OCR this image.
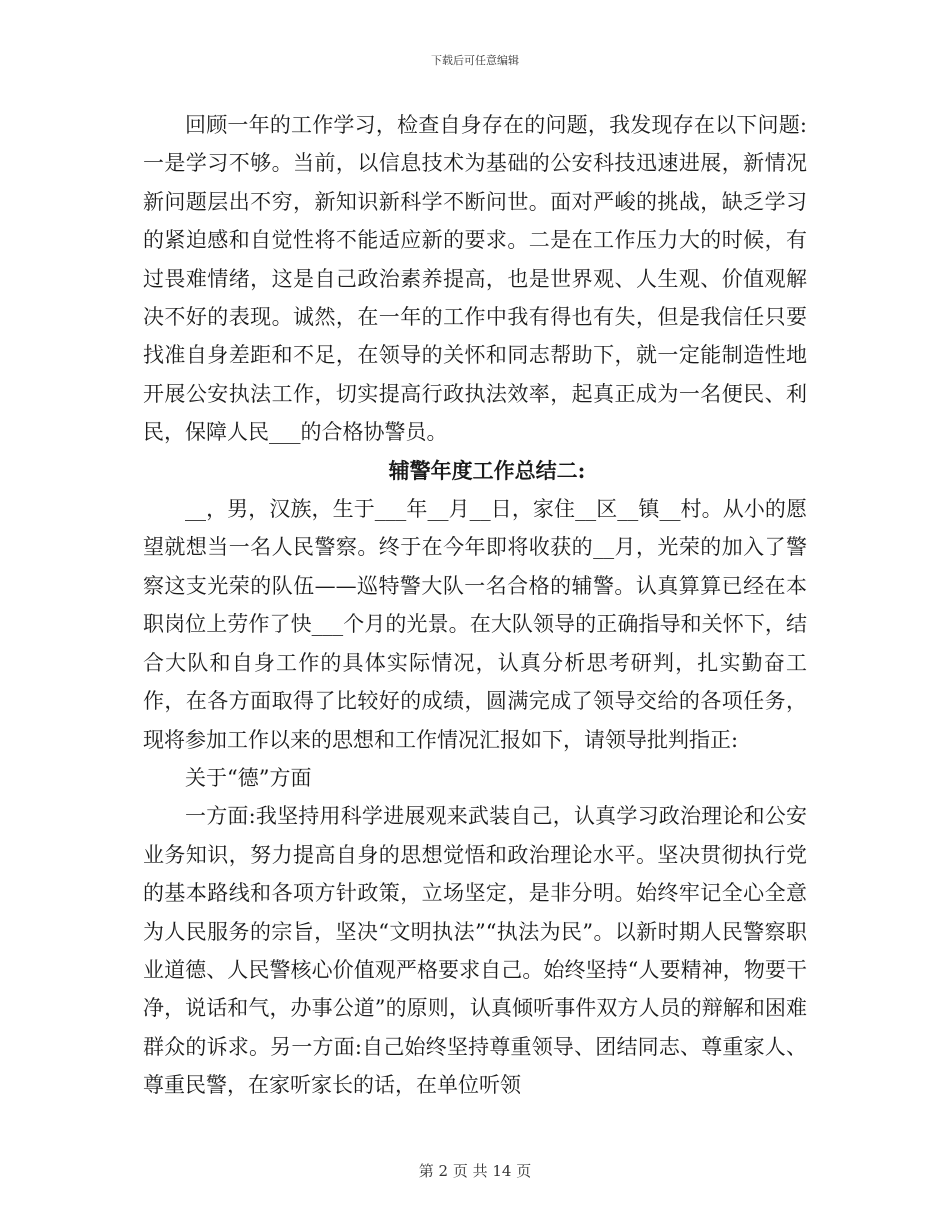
下载后可任意编辑

回顾一年的工作学习，检查自身存在的问题，我发现存在以下问题:一是学习不够。当前，以信息技术为基础的公安科技迅速进展，新情况新问题层出不穷，新知识新科学不断问世。面对严峻的挑战，缺乏学习的紧迫感和自觉性将不能适应新的要求。二是在工作压力大的时候，有过畏难情绪，这是自己政治素养提高，也是世界观、人生观、价值观解决不好的表现。诚然，在一年的工作中我有得也有失，但是我信任只要找准自身差距和不足，在领导的关怀和同志帮助下，就一定能制造性地开展公安执法工作，切实提高行政执法效率，起真正成为一名便民、利民，保障人民___的合格协警员。

辅警年度工作总结二:

__，男，汉族，生于___年__月__日，家住__区__镇__村。从小的愿望就想当一名人民警察。终于在今年即将收获的__月，光荣的加入了警察这支光荣的队伍——巡特警大队一名合格的辅警。认真算算已经在本职岗位上劳作了快___个月的光景。在大队领导的正确指导和关怀下，结合大队和自身工作的具体实际情况，认真分析思考研判，扎实勤奋工作，在各方面取得了比较好的成绩，圆满完成了领导交给的各项任务，现将参加工作以来的思想和工作情况汇报如下，请领导批判指正:

关于“德”方面

一方面:我坚持用科学进展观来武装自己，认真学习政治理论和公安业务知识，努力提高自身的思想觉悟和政治理论水平。坚决贯彻执行党的基本路线和各项方针政策，立场坚定，是非分明。始终牢记全心全意为人民服务的宗旨，坚决“文明执法”“执法为民”。以新时期人民警察职业道德、人民警核心价值观严格要求自己。始终坚持“人要精神，物要干净，说话和气，办事公道”的原则，认真倾听事件双方人员的辩解和困难群众的诉求。另一方面:自己始终坚持尊重领导、团结同志、尊重家人、尊重民警，在家听家长的话，在单位听领

第 2 页 共 14 页
